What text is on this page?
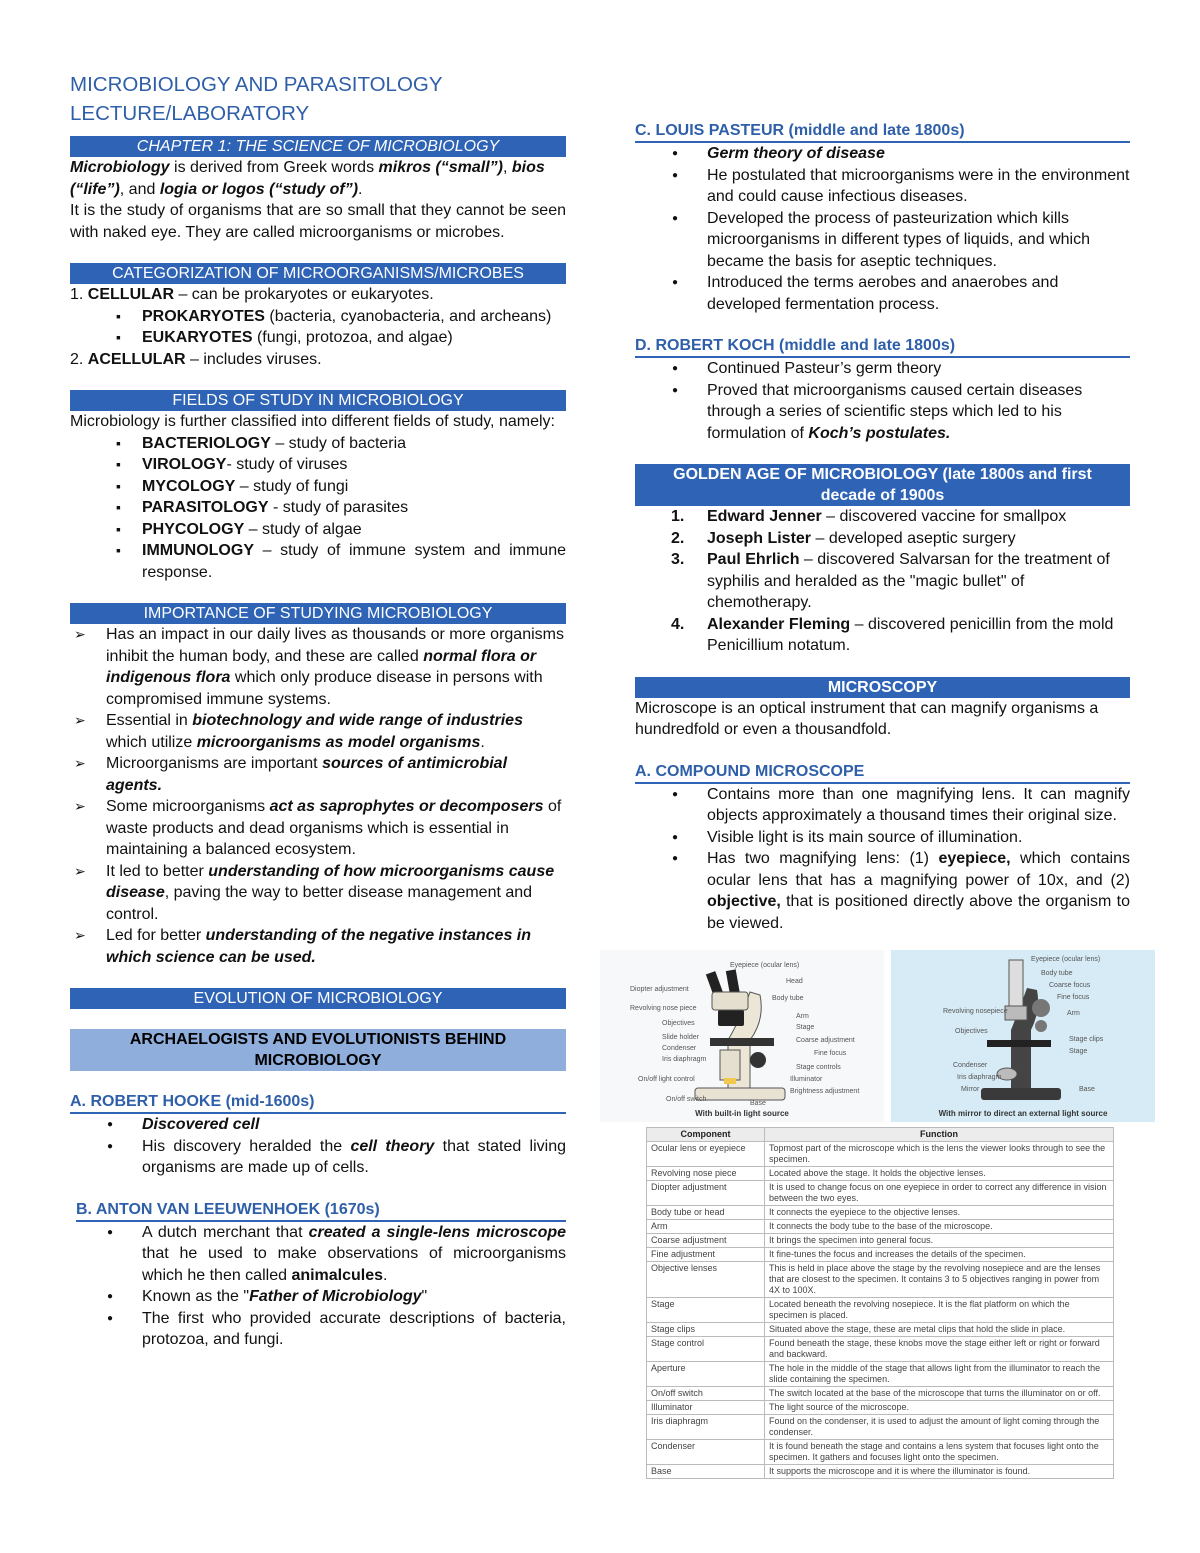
MICROBIOLOGY AND PARASITOLOGY
LECTURE/LABORATORY
CHAPTER 1: THE SCIENCE OF MICROBIOLOGY

Microbiology is derived from Greek words mikros (“small”), bios (“life”), and logia or logos (“study of”).

It is the study of organisms that are so small that they cannot be seen with naked eye. They are called microorganisms or microbes.

CATEGORIZATION OF MICROORGANISMS/MICROBES

1. CELLULAR – can be prokaryotes or eukaryotes.

▪ PROKARYOTES (bacteria, cyanobacteria, and archeans)
▪ EUKARYOTES (fungi, protozoa, and algae)

2. ACELLULAR – includes viruses.

FIELDS OF STUDY IN MICROBIOLOGY

Microbiology is further classified into different fields of study, namely:

▪ BACTERIOLOGY – study of bacteria
▪ VIROLOGY- study of viruses
▪ MYCOLOGY – study of fungi
▪ PARASITOLOGY - study of parasites
▪ PHYCOLOGY – study of algae
▪ IMMUNOLOGY – study of immune system and immune response.
IMPORTANCE OF STUDYING MICROBIOLOGY
➢ Has an impact in our daily lives as thousands or more organisms inhibit the human body, and these are called normal flora or indigenous flora which only produce disease in persons with compromised immune systems.
➢ Essential in biotechnology and wide range of industries which utilize microorganisms as model organisms.
➢ Microorganisms are important sources of antimicrobial agents.
➢ Some microorganisms act as saprophytes or decomposers of waste products and dead organisms which is essential in maintaining a balanced ecosystem.
➢ It led to better understanding of how microorganisms cause disease, paving the way to better disease management and control.
➢ Led for better understanding of the negative instances in which science can be used.
EVOLUTION OF MICROBIOLOGY
ARCHAELOGISTS AND EVOLUTIONISTS BEHIND MICROBIOLOGY
A. ROBERT HOOKE (mid-1600s)
● Discovered cell
● His discovery heralded the cell theory that stated living organisms are made up of cells.
B. ANTON VAN LEEUWENHOEK (1670s)
● A dutch merchant that created a single-lens microscope that he used to make observations of microorganisms which he then called animalcules.
● Known as the "Father of Microbiology"
● The first who provided accurate descriptions of bacteria, protozoa, and fungi.
C. LOUIS PASTEUR (middle and late 1800s)
● Germ theory of disease
● He postulated that microorganisms were in the environment and could cause infectious diseases.
● Developed the process of pasteurization which kills microorganisms in different types of liquids, and which became the basis for aseptic techniques.
● Introduced the terms aerobes and anaerobes and developed fermentation process.
D. ROBERT KOCH (middle and late 1800s)
● Continued Pasteur’s germ theory
● Proved that microorganisms caused certain diseases through a series of scientific steps which led to his formulation of Koch’s postulates.
GOLDEN AGE OF MICROBIOLOGY (late 1800s and first decade of 1900s
1. Edward Jenner – discovered vaccine for smallpox
2. Joseph Lister – developed aseptic surgery
3. Paul Ehrlich – discovered Salvarsan for the treatment of syphilis and heralded as the "magic bullet" of chemotherapy.
4. Alexander Fleming – discovered penicillin from the mold Penicillium notatum.
MICROSCOPY

Microscope is an optical instrument that can magnify organisms a hundredfold or even a thousandfold.

A. COMPOUND MICROSCOPE
● Contains more than one magnifying lens. It can magnify objects approximately a thousand times their original size.
● Visible light is its main source of illumination.
● Has two magnifying lens: (1) eyepiece, which contains ocular lens that has a magnifying power of 10x, and (2) objective, that is positioned directly above the organism to be viewed.
Eyepiece (ocular lens)
Diopter adjustment
Revolving nose piece
Objectives
Slide holder
Condenser
Iris diaphragm
On/off light control
On/off switch
Head
Body tube
Arm
Stage
Coarse adjustment
Fine focus
Stage controls
Illuminator
Brightness adjustment
Base
With built-in light source
Eyepiece (ocular lens)
Body tube
Coarse focus
Fine focus
Revolving nosepiece	Arm
Objectives
Stage clips
Stage
Condenser
Iris diaphragm
Mirror	Base
With mirror to direct an external light source
Component	Function
Ocular lens or eyepiece	Topmost part of the microscope which is the lens the viewer looks through to see the specimen.
Revolving nose piece	Located above the stage. It holds the objective lenses.
Diopter adjustment	It is used to change focus on one eyepiece in order to correct any difference in vision between the two eyes.
Body tube or head	It connects the eyepiece to the objective lenses.
Arm	It connects the body tube to the base of the microscope.
Coarse adjustment	It brings the specimen into general focus.
Fine adjustment	It fine-tunes the focus and increases the details of the specimen.
Objective lenses	This is held in place above the stage by the revolving nosepiece and are the lenses that are closest to the specimen. It contains 3 to 5 objectives ranging in power from 4X to 100X.
Stage	Located beneath the revolving nosepiece. It is the flat platform on which the specimen is placed.
Stage clips	Situated above the stage, these are metal clips that hold the slide in place.
Stage control	Found beneath the stage, these knobs move the stage either left or right or forward and backward.
Aperture	The hole in the middle of the stage that allows light from the illuminator to reach the slide containing the specimen.
On/off switch	The switch located at the base of the microscope that turns the illuminator on or off.
Illuminator	The light source of the microscope.
Iris diaphragm	Found on the condenser, it is used to adjust the amount of light coming through the condenser.
Condenser	It is found beneath the stage and contains a lens system that focuses light onto the specimen. It gathers and focuses light onto the specimen.
Base	It supports the microscope and it is where the illuminator is found.
